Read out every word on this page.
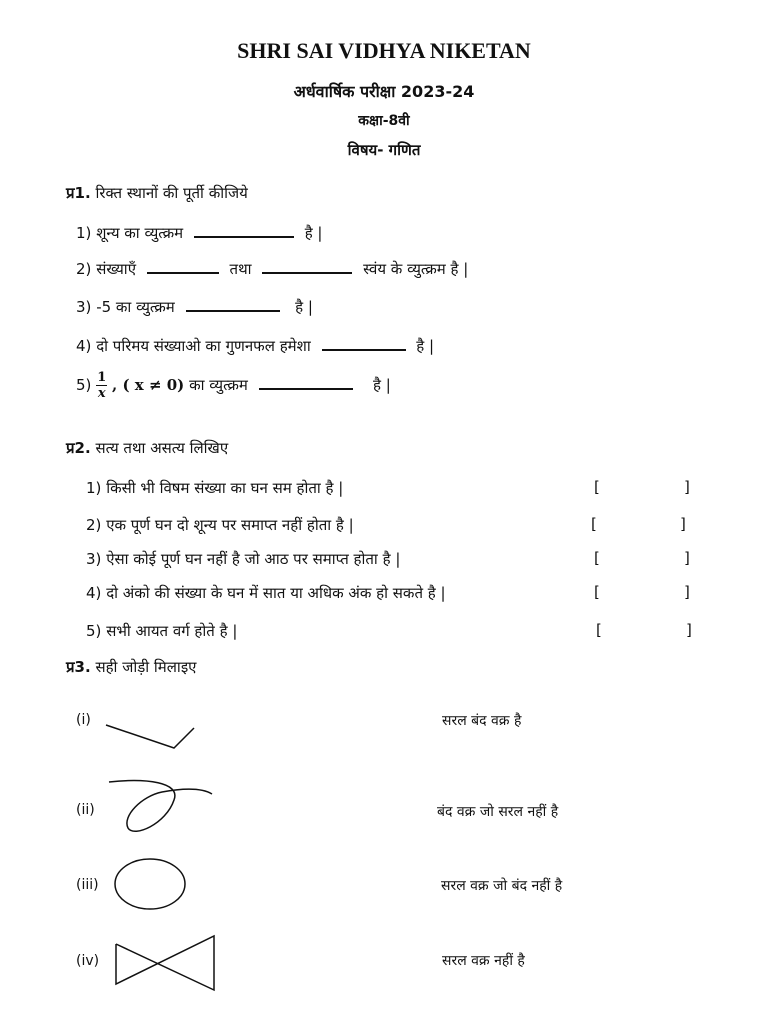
SHRI SAI VIDHYA NIKETAN
अर्धवार्षिक परीक्षा 2023-24
कक्षा-8वी
विषय- गणित
प्र1. रिक्त स्थानों की पूर्ती कीजिये
1) शून्य का व्युत्क्रम	है |
2) संख्याएँ	तथा	स्वंय के व्युत्क्रम है |
3) -5 का व्युत्क्रम	है |
4) दो परिमय संख्याओ का गुणनफल हमेशा	है |
$5) \frac{1}{x}$ , ( x ≠ 0) का व्युत्क्रम	है |
प्र2. सत्य तथा असत्य लिखिए
1) किसी भी विषम संख्या का घन सम होता है |	[	]
2) एक पूर्ण घन दो शून्य पर समाप्त नहीं होता है |	[	]
3) ऐसा कोई पूर्ण घन नहीं है जो आठ पर समाप्त होता है |	[	]
4) दो अंको की संख्या के घन में सात या अधिक अंक हो सकते है |	[	]
5) सभी आयत वर्ग होते है |	[	]
प्र3. सही जोड़ी मिलाइए
(i)	सरल बंद वक्र है
(ii)	बंद वक्र जो सरल नहीं है
(iii)	सरल वक्र जो बंद नहीं है
(iv)	सरल वक्र नहीं है
